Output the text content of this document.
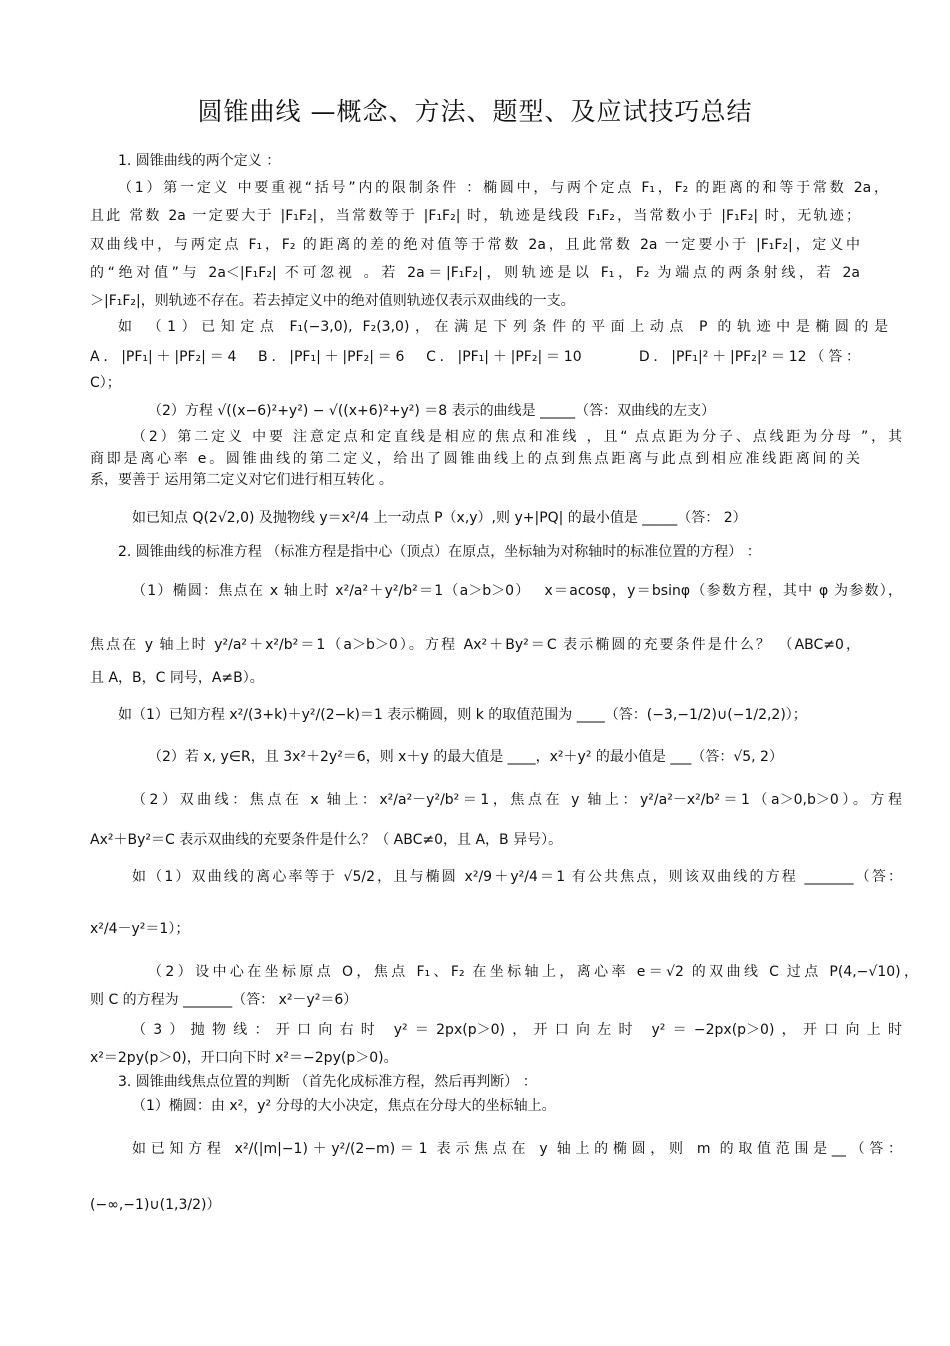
圆锥曲线 —概念、方法、题型、及应试技巧总结
1. 圆锥曲线的两个定义 ：
（1）第一定义 中要重视“括号”内的限制条件 ：椭圆中，与两个定点 F₁，F₂ 的距离的和等于常数 2a，
且此 常数 2a 一定要大于 |F₁F₂|，当常数等于 |F₁F₂| 时，轨迹是线段 F₁F₂，当常数小于 |F₁F₂| 时，无轨迹；
双曲线中，与两定点 F₁，F₂ 的距离的差的绝对值等于常数 2a，且此常数 2a 一定要小于 |F₁F₂|，定义中
的“绝对值”与 2a＜|F₁F₂| 不可忽视 。若 2a＝|F₁F₂|，则轨迹是以 F₁，F₂ 为端点的两条射线，若 2a
＞|F₁F₂|，则轨迹不存在。若去掉定义中的绝对值则轨迹仅表示双曲线的一支。
如 （1）已知定点 F₁(−3,0), F₂(3,0)，在满足下列条件的平面上动点 P 的轨迹中是椭圆的是
A．|PF₁|＋|PF₂|＝4　B．|PF₁|＋|PF₂|＝6　C．|PF₁|＋|PF₂|＝10　　　D．|PF₁|²＋|PF₂|²＝12（答：
C）；
（2）方程 √((x−6)²+y²) − √((x+6)²+y²) ＝8 表示的曲线是 _____（答：双曲线的左支）
（2）第二定义 中要 注意定点和定直线是相应的焦点和准线 ，且“ 点点距为分子、点线距为分母 ”，其
商即是离心率 e。圆锥曲线的第二定义，给出了圆锥曲线上的点到焦点距离与此点到相应准线距离间的关
系，要善于 运用第二定义对它们进行相互转化 。
如已知点 Q(2√2,0) 及抛物线 y＝x²/4 上一动点 P（x,y）,则 y+|PQ| 的最小值是 _____（答： 2）
2. 圆锥曲线的标准方程 （标准方程是指中心（顶点）在原点，坐标轴为对称轴时的标准位置的方程） ：
（1）椭圆：焦点在 x 轴上时 x²/a²＋y²/b²＝1（a＞b＞0）　 x＝acosφ，y＝bsinφ（参数方程，其中 φ 为参数），
焦点在 y 轴上时 y²/a²＋x²/b²＝1（a＞b＞0）。方程 Ax²＋By²＝C 表示椭圆的充要条件是什么？ （ABC≠0，
且 A，B，C 同号，A≠B）。
如（1）已知方程 x²/(3+k)＋y²/(2−k)＝1 表示椭圆，则 k 的取值范围为 ____（答：(−3,−1/2)∪(−1/2,2)）；
（2）若 x, y∈R，且 3x²＋2y²＝6，则 x＋y 的最大值是 ____，x²＋y² 的最小值是 ___（答：√5, 2）
（2）双曲线：焦点在 x 轴上：x²/a²－y²/b²＝1，焦点在 y 轴上：y²/a²－x²/b²＝1（a＞0,b＞0）。方程
Ax²＋By²＝C 表示双曲线的充要条件是什么？（ ABC≠0，且 A，B 异号）。
如（1）双曲线的离心率等于 √5/2，且与椭圆 x²/9＋y²/4＝1 有公共焦点，则该双曲线的方程 _______（答：
x²/4－y²＝1）；
（2）设中心在坐标原点 O，焦点 F₁、F₂ 在坐标轴上，离心率 e＝√2 的双曲线 C 过点 P(4,−√10)，
则 C 的方程为 _______（答： x²－y²＝6）
（3）抛物线：开口向右时 y²＝2px(p＞0)，开口向左时 y²＝−2px(p＞0)，开口向上时
x²＝2py(p＞0)，开口向下时 x²＝−2py(p＞0)。
3. 圆锥曲线焦点位置的判断 （首先化成标准方程，然后再判断） ：
（1）椭圆：由 x²，y² 分母的大小决定，焦点在分母大的坐标轴上。
如已知方程 x²/(|m|−1)＋y²/(2−m)＝1 表示焦点在 y 轴上的椭圆，则 m 的取值范围是__（答：
(−∞,−1)∪(1,3/2)）
